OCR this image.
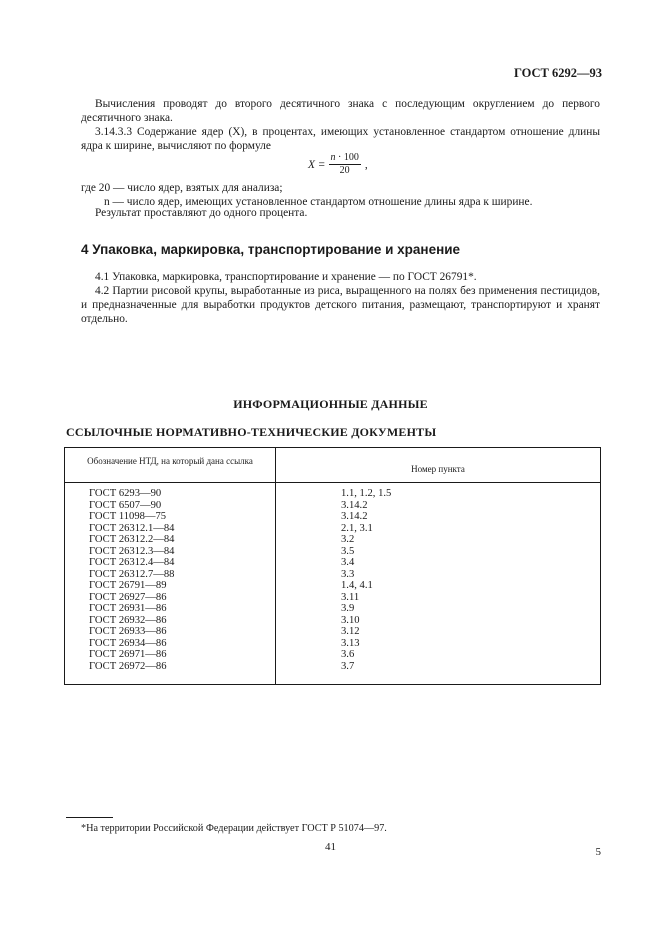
ГОСТ 6292—93
Вычисления проводят до второго десятичного знака с последующим округлением до первого десятичного знака.
3.14.3.3 Содержание ядер (X), в процентах, имеющих установленное стандартом отношение длины ядра к ширине, вычисляют по формуле
$X = \frac{n \cdot 100}{20}$ ,
где 20 — число ядер, взятых для анализа;
n — число ядер, имеющих установленное стандартом отношение длины ядра к ширине.
Результат проставляют до одного процента.
4 Упаковка, маркировка, транспортирование и хранение
4.1 Упаковка, маркировка, транспортирование и хранение — по ГОСТ 26791*.
4.2 Партии рисовой крупы, выработанные из риса, выращенного на полях без применения пестицидов, и предназначенные для выработки продуктов детского питания, размещают, транспортируют и хранят отдельно.
ИНФОРМАЦИОННЫЕ ДАННЫЕ
ССЫЛОЧНЫЕ НОРМАТИВНО-ТЕХНИЧЕСКИЕ ДОКУМЕНТЫ
Обозначение НТД, на который дана ссылка
Номер пункта
ГОСТ 6293—90
ГОСТ 6507—90
ГОСТ 11098—75
ГОСТ 26312.1—84
ГОСТ 26312.2—84
ГОСТ 26312.3—84
ГОСТ 26312.4—84
ГОСТ 26312.7—88
ГОСТ 26791—89
ГОСТ 26927—86
ГОСТ 26931—86
ГОСТ 26932—86
ГОСТ 26933—86
ГОСТ 26934—86
ГОСТ 26971—86
ГОСТ 26972—86
1.1, 1.2, 1.5
3.14.2
3.14.2
2.1, 3.1
3.2
3.5
3.4
3.3
1.4, 4.1
3.11
3.9
3.10
3.12
3.13
3.6
3.7
*На территории Российской Федерации действует ГОСТ Р 51074—97.
41	5
